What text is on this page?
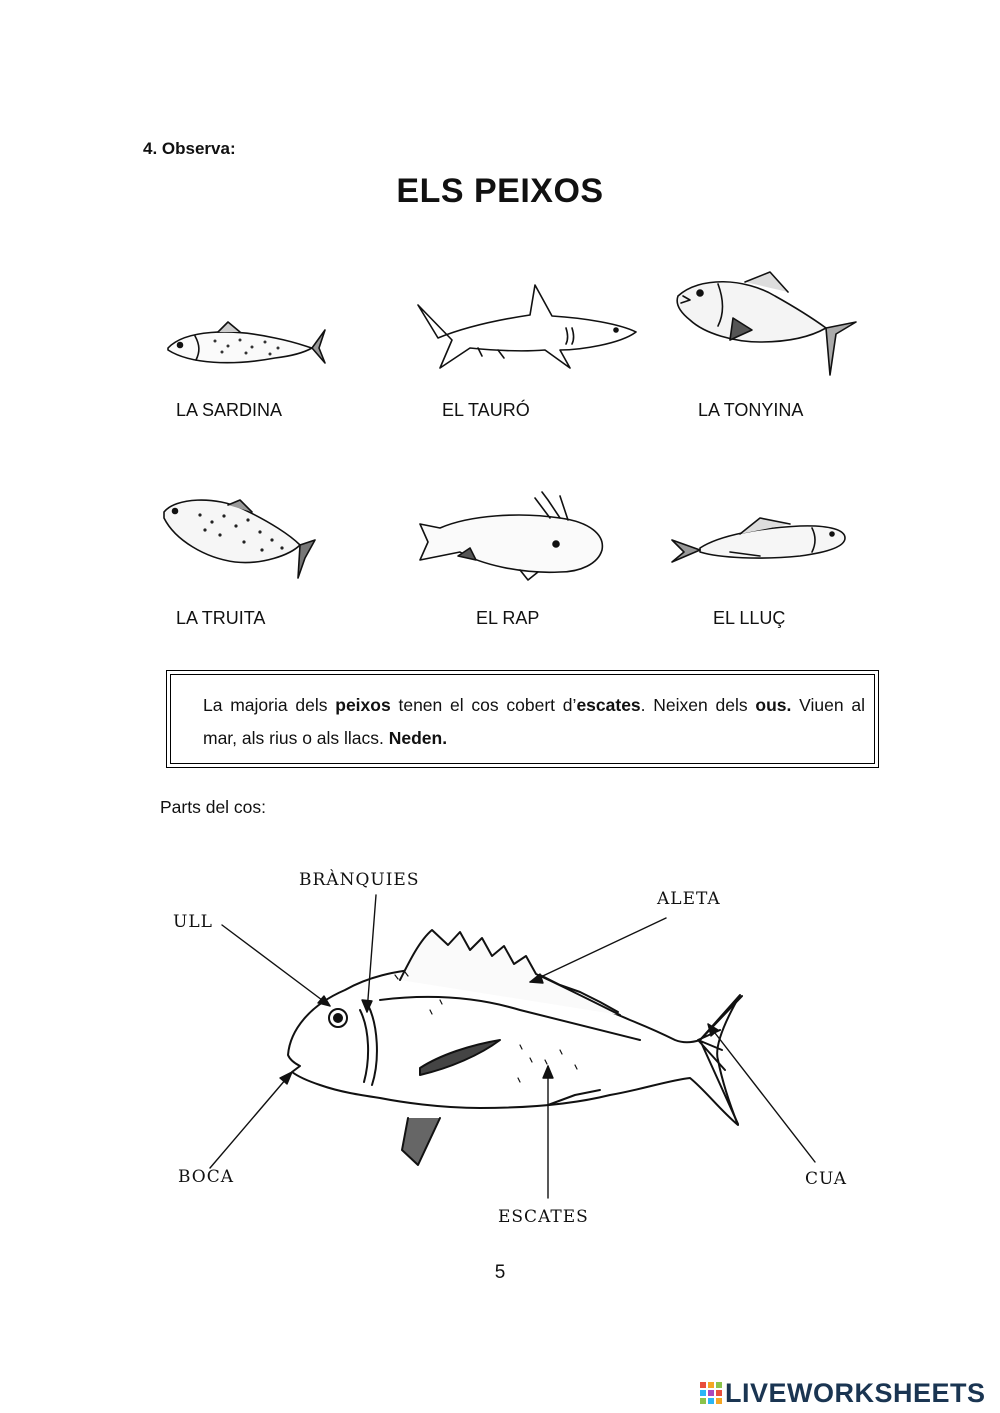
4. Observa:
ELS PEIXOS
LA SARDINA	EL TAURÓ	LA TONYINA
LA TRUITA	EL RAP	EL LLUÇ
La majoria dels peixos tenen el cos cobert d’escates. Neixen dels ous. Viuen al mar, als rius o als llacs. Neden.
Parts del cos:
BRÀNQUIES
ULL
ALETA
BOCA	CUA
ESCATES
5
LIVEWORKSHEETS
